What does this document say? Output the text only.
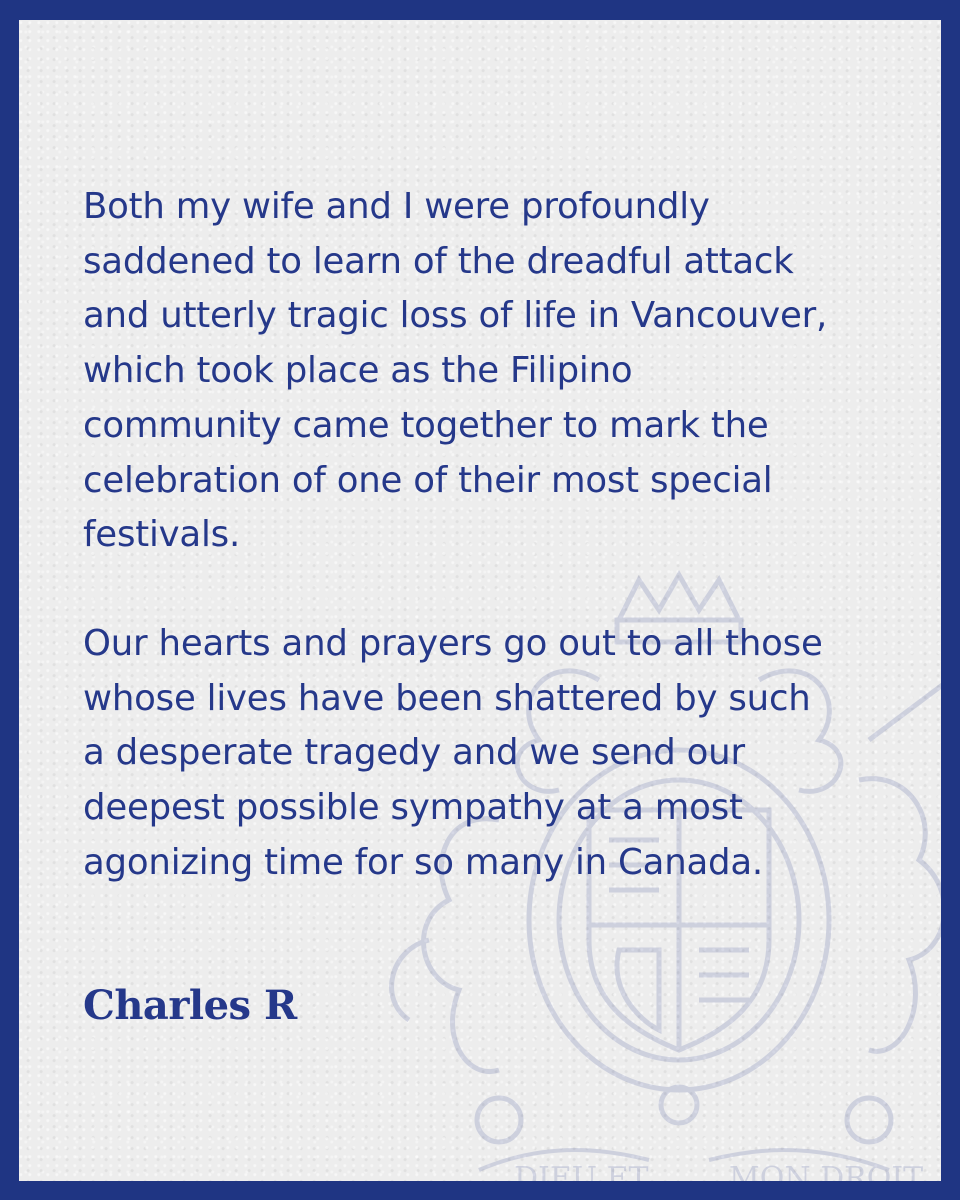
DIEU ET	MON DROIT

Both my wife and I were profoundly
saddened to learn of the dreadful attack
and utterly tragic loss of life in Vancouver,
which took place as the Filipino
community came together to mark the
celebration of one of their most special
festivals.

Our hearts and prayers go out to all those
whose lives have been shattered by such
a desperate tragedy and we send our
deepest possible sympathy at a most
agonizing time for so many in Canada.

Charles R
